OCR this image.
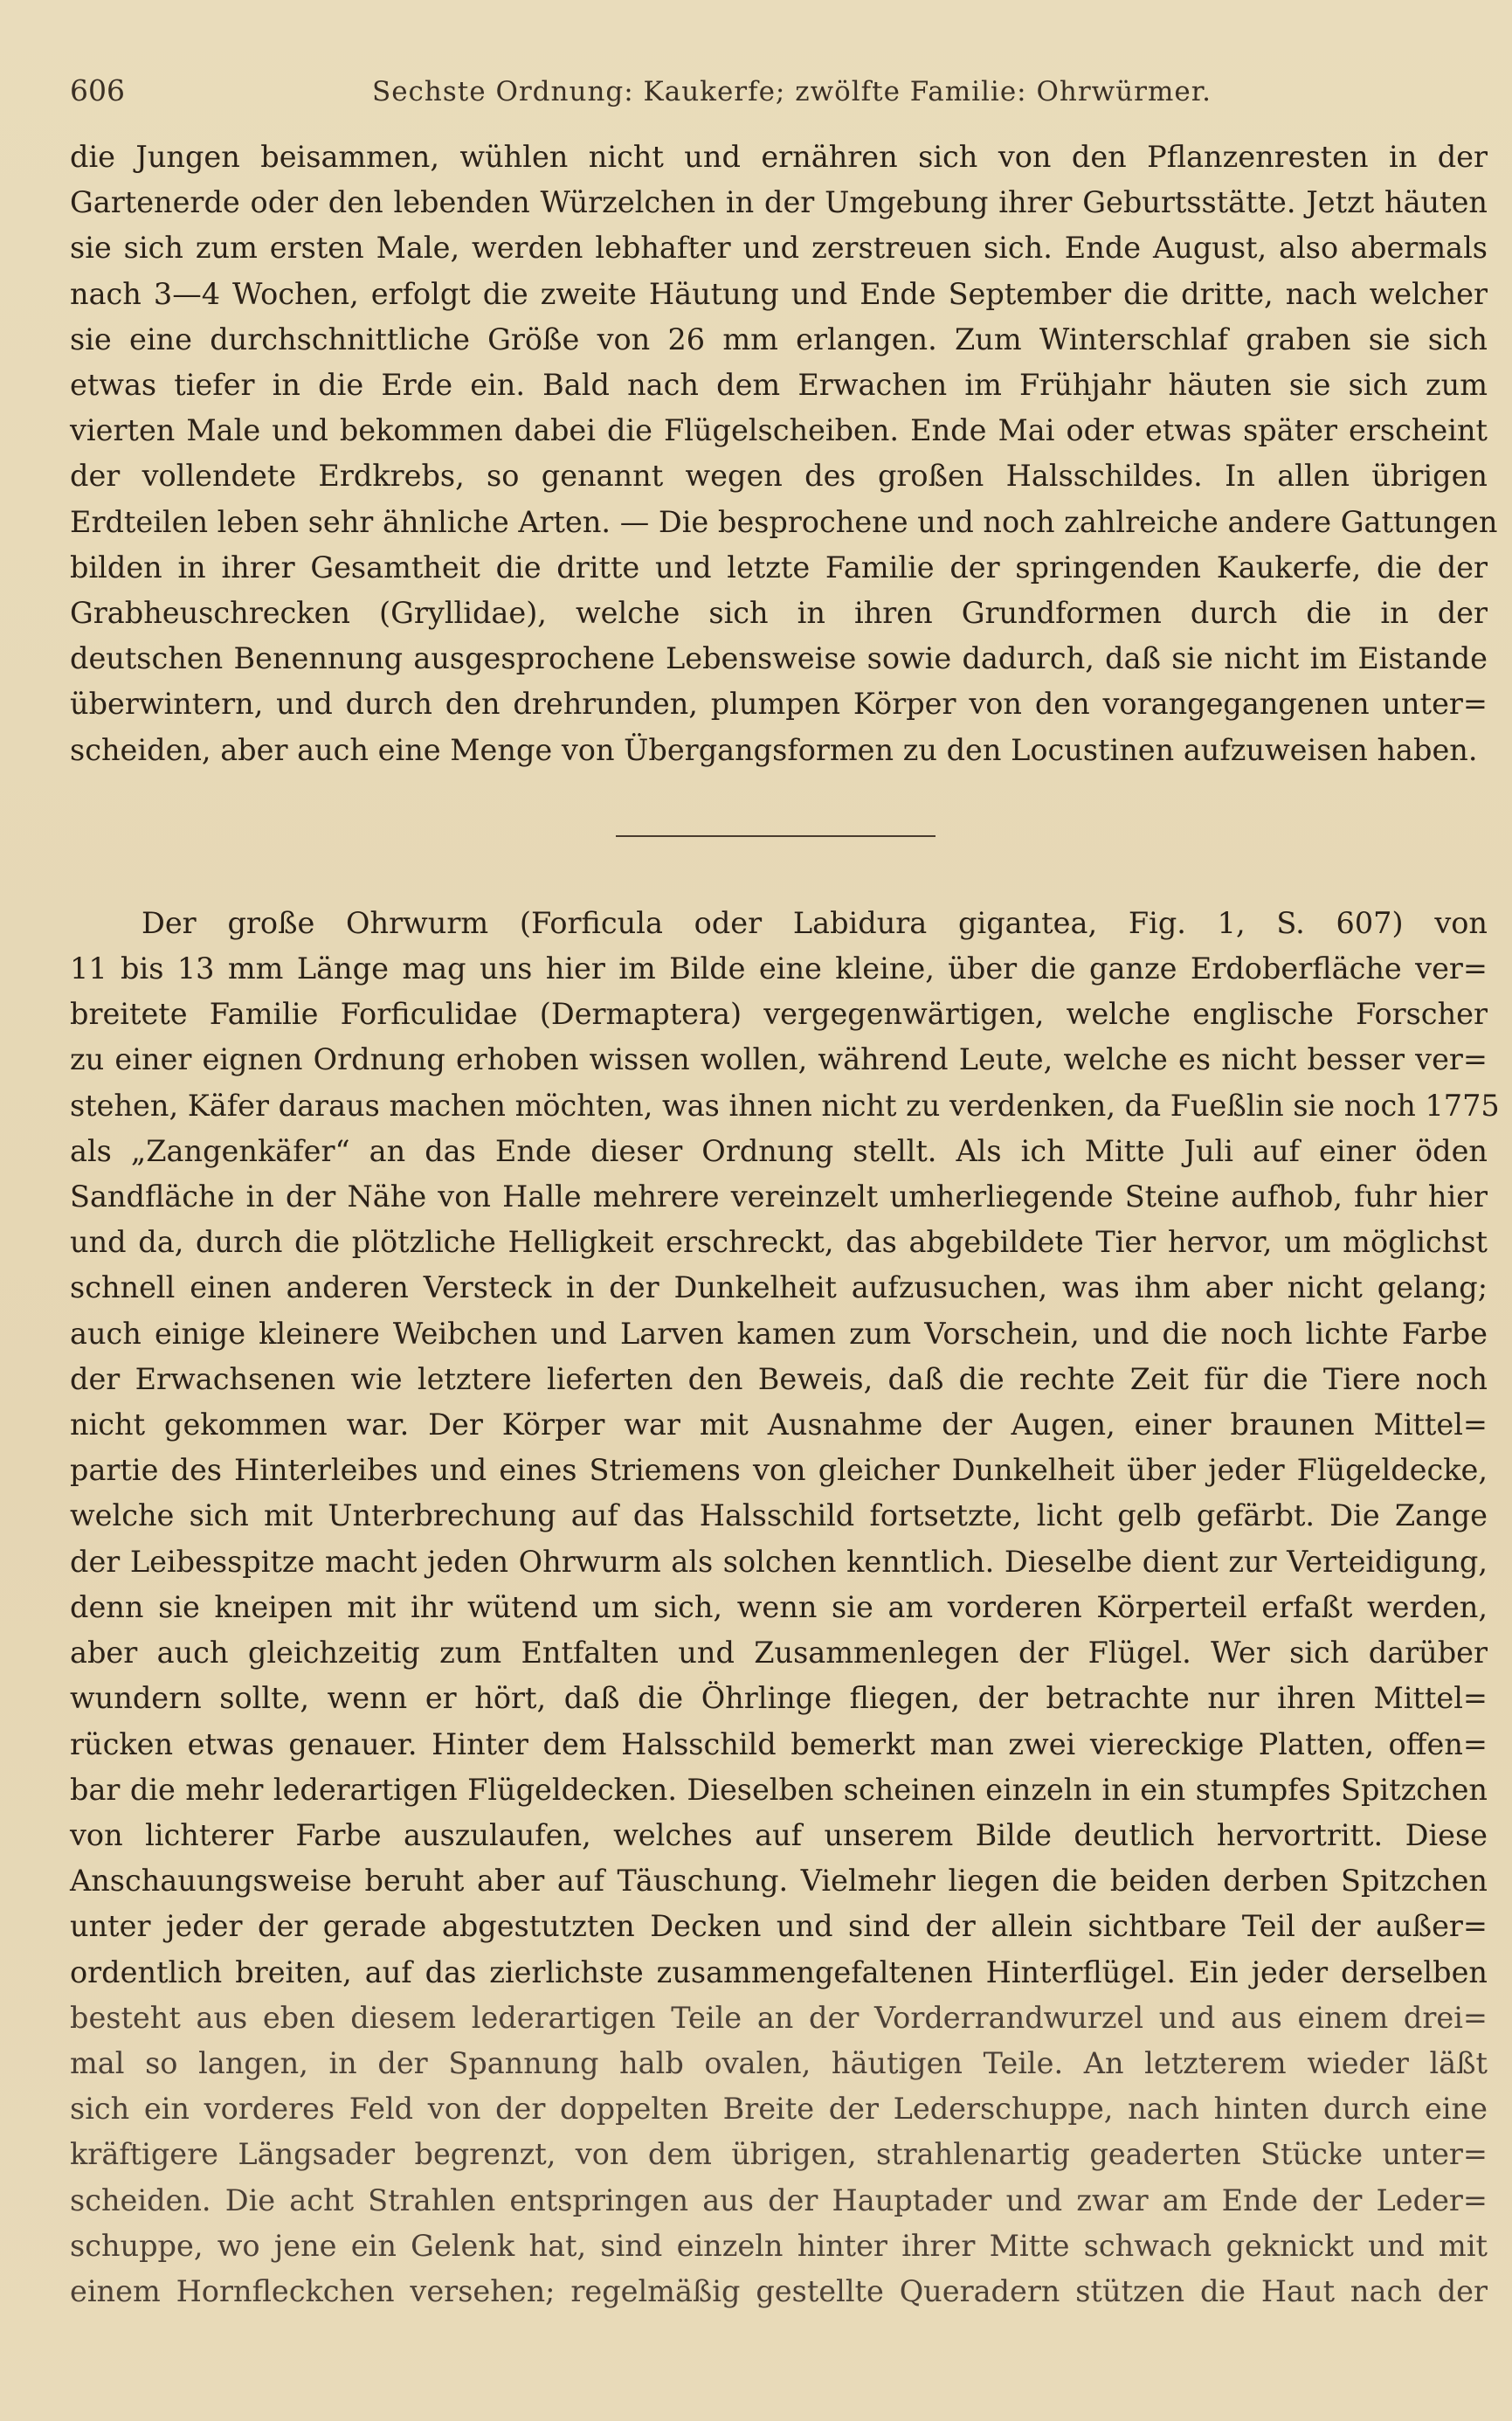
606	Sechste Ordnung: Kaukerfe; zwölfte Familie: Ohrwürmer.

die Jungen beisammen, wühlen nicht und ernähren sich von den Pflanzenresten in der

Gartenerde oder den lebenden Würzelchen in der Umgebung ihrer Geburtsstätte. Jetzt häuten

sie sich zum ersten Male, werden lebhafter und zerstreuen sich. Ende August, also abermals

nach 3—4 Wochen, erfolgt die zweite Häutung und Ende September die dritte, nach welcher

sie eine durchschnittliche Größe von 26 mm erlangen. Zum Winterschlaf graben sie sich

etwas tiefer in die Erde ein. Bald nach dem Erwachen im Frühjahr häuten sie sich zum

vierten Male und bekommen dabei die Flügelscheiben. Ende Mai oder etwas später erscheint

der vollendete Erdkrebs, so genannt wegen des großen Halsschildes. In allen übrigen

Erdteilen leben sehr ähnliche Arten. — Die besprochene und noch zahlreiche andere Gattungen

bilden in ihrer Gesamtheit die dritte und letzte Familie der springenden Kaukerfe, die der

Grabheuschrecken (Gryllidae), welche sich in ihren Grundformen durch die in der

deutschen Benennung ausgesprochene Lebensweise sowie dadurch, daß sie nicht im Eistande

überwintern, und durch den drehrunden, plumpen Körper von den vorangegangenen unter=

scheiden, aber auch eine Menge von Übergangsformen zu den Locustinen aufzuweisen haben.

Der große Ohrwurm (Forficula oder Labidura gigantea, Fig. 1, S. 607) von

11 bis 13 mm Länge mag uns hier im Bilde eine kleine, über die ganze Erdoberfläche ver=

breitete Familie Forficulidae (Dermaptera) vergegenwärtigen, welche englische Forscher

zu einer eignen Ordnung erhoben wissen wollen, während Leute, welche es nicht besser ver=

stehen, Käfer daraus machen möchten, was ihnen nicht zu verdenken, da Fueßlin sie noch 1775

als „Zangenkäfer“ an das Ende dieser Ordnung stellt. Als ich Mitte Juli auf einer öden

Sandfläche in der Nähe von Halle mehrere vereinzelt umherliegende Steine aufhob, fuhr hier

und da, durch die plötzliche Helligkeit erschreckt, das abgebildete Tier hervor, um möglichst

schnell einen anderen Versteck in der Dunkelheit aufzusuchen, was ihm aber nicht gelang;

auch einige kleinere Weibchen und Larven kamen zum Vorschein, und die noch lichte Farbe

der Erwachsenen wie letztere lieferten den Beweis, daß die rechte Zeit für die Tiere noch

nicht gekommen war. Der Körper war mit Ausnahme der Augen, einer braunen Mittel=

partie des Hinterleibes und eines Striemens von gleicher Dunkelheit über jeder Flügeldecke,

welche sich mit Unterbrechung auf das Halsschild fortsetzte, licht gelb gefärbt. Die Zange

der Leibesspitze macht jeden Ohrwurm als solchen kenntlich. Dieselbe dient zur Verteidigung,

denn sie kneipen mit ihr wütend um sich, wenn sie am vorderen Körperteil erfaßt werden,

aber auch gleichzeitig zum Entfalten und Zusammenlegen der Flügel. Wer sich darüber

wundern sollte, wenn er hört, daß die Öhrlinge fliegen, der betrachte nur ihren Mittel=

rücken etwas genauer. Hinter dem Halsschild bemerkt man zwei viereckige Platten, offen=

bar die mehr lederartigen Flügeldecken. Dieselben scheinen einzeln in ein stumpfes Spitzchen

von lichterer Farbe auszulaufen, welches auf unserem Bilde deutlich hervortritt. Diese

Anschauungsweise beruht aber auf Täuschung. Vielmehr liegen die beiden derben Spitzchen

unter jeder der gerade abgestutzten Decken und sind der allein sichtbare Teil der außer=

ordentlich breiten, auf das zierlichste zusammengefaltenen Hinterflügel. Ein jeder derselben

besteht aus eben diesem lederartigen Teile an der Vorderrandwurzel und aus einem drei=

mal so langen, in der Spannung halb ovalen, häutigen Teile. An letzterem wieder läßt

sich ein vorderes Feld von der doppelten Breite der Lederschuppe, nach hinten durch eine

kräftigere Längsader begrenzt, von dem übrigen, strahlenartig geaderten Stücke unter=

scheiden. Die acht Strahlen entspringen aus der Hauptader und zwar am Ende der Leder=

schuppe, wo jene ein Gelenk hat, sind einzeln hinter ihrer Mitte schwach geknickt und mit

einem Hornfleckchen versehen; regelmäßig gestellte Queradern stützen die Haut nach der
